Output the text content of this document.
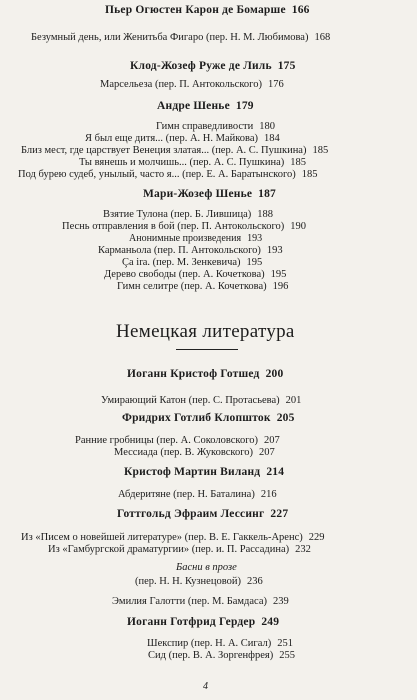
Пьер Огюстен Карон де Бомарше 166
Безумный день, или Женитьба Фигаро (пер. Н. М. Любимова) 168
Клод-Жозеф Руже де Лиль 175
Марсельеза (пер. П. Антокольского) 176
Андре Шенье 179
Гимн справедливости 180
Я был еще дитя... (пер. А. Н. Майкова) 184
Близ мест, где царствует Венеция златая... (пер. А. С. Пушкина) 185
Ты вянешь и молчишь... (пер. А. С. Пушкина) 185
Под бурею судеб, унылый, часто я... (пер. Е. А. Баратынского) 185
Мари-Жозеф Шенье 187
Взятие Тулона (пер. Б. Лившица) 188
Песнь отправления в бой (пер. П. Антокольского) 190
Анонимные произведения 193
Карманьола (пер. П. Антокольского) 193
Ça ira. (пер. М. Зенкевича) 195
Дерево свободы (пер. А. Кочеткова) 195
Гимн селитре (пер. А. Кочеткова) 196
Немецкая литература
Иоганн Кристоф Готшед 200
Умирающий Катон (пер. С. Протасьева) 201
Фридрих Готлиб Клопшток 205
Ранние гробницы (пер. А. Соколовского) 207
Мессиада (пер. В. Жуковского) 207
Кристоф Мартин Виланд 214
Абдеритяне (пер. Н. Баталина) 216
Готтгольд Эфраим Лессинг 227
Из «Писем о новейшей литературе» (пер. В. Е. Гаккель-Аренс) 229
Из «Гамбургской драматургии» (пер. и. П. Рассадина) 232
Басни в прозе
(пер. Н. Н. Кузнецовой) 236
Эмилия Галотти (пер. М. Бамдаса) 239
Иоганн Готфрид Гердер 249
Шекспир (пер. Н. А. Сигал) 251
Сид (пер. В. А. Зоргенфрея) 255
4
